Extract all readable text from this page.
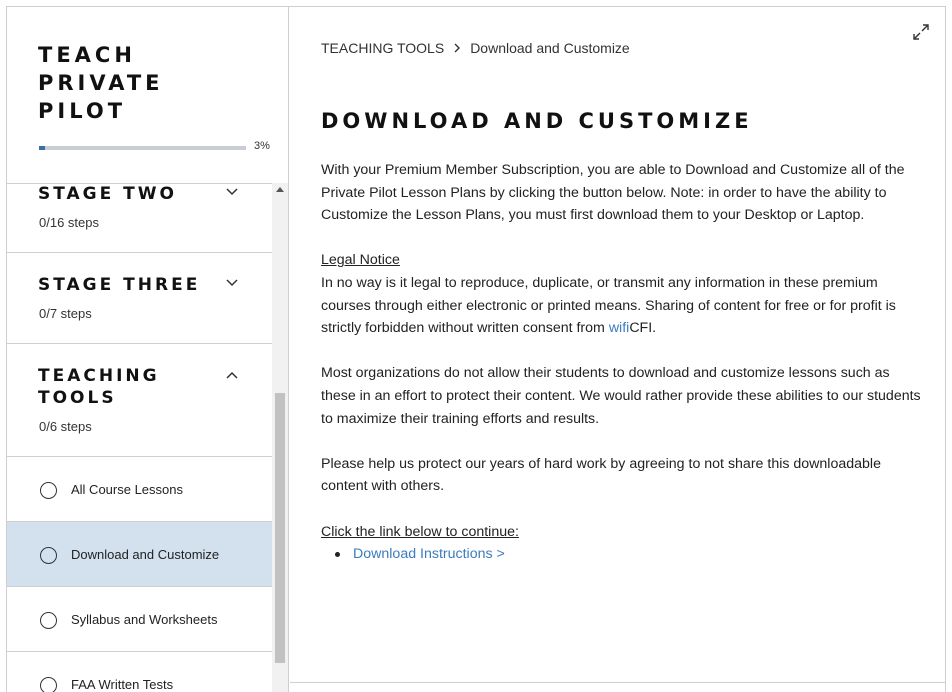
TEACH
PRIVATE
PILOT
3%
STAGE TWO
0/16 steps
STAGE THREE
0/7 steps
TEACHING
TOOLS
0/6 steps
All Course Lessons
Download and Customize
Syllabus and Worksheets
FAA Written Tests
TEACHING TOOLS Download and Customize
DOWNLOAD AND CUSTOMIZE

With your Premium Member Subscription, you are able to Download and Customize all of the Private Pilot Lesson Plans by clicking the button below. Note: in order to have the ability to Customize the Lesson Plans, you must first download them to your Desktop or Laptop.

Legal Notice
In no way is it legal to reproduce, duplicate, or transmit any information in these premium courses through either electronic or printed means. Sharing of content for free or for profit is strictly forbidden without written consent from wifiCFI.

Most organizations do not allow their students to download and customize lessons such as these in an effort to protect their content. We would rather provide these abilities to our students to maximize their training efforts and results.

Please help us protect our years of hard work by agreeing to not share this downloadable content with others.

Click the link below to continue:
Download Instructions >
